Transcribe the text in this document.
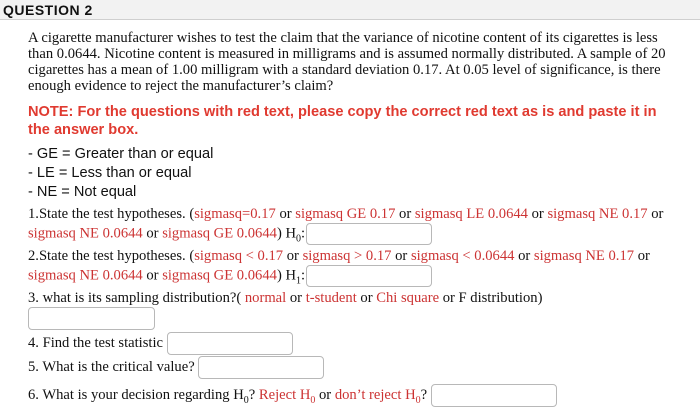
QUESTION 2
A cigarette manufacturer wishes to test the claim that the variance of nicotine content of its cigarettes is less than 0.0644. Nicotine content is measured in milligrams and is assumed normally distributed. A sample of 20 cigarettes has a mean of 1.00 milligram with a standard deviation 0.17. At 0.05 level of significance, is there enough evidence to reject the manufacturer’s claim?
NOTE: For the questions with red text, please copy the correct red text as is and paste it in the answer box.
- GE = Greater than or equal
- LE = Less than or equal
- NE = Not equal
1.State the test hypotheses. (sigmasq=0.17 or sigmasq GE 0.17 or sigmasq LE 0.0644 or sigmasq NE 0.17 or
sigmasq NE 0.0644 or sigmasq GE 0.0644) $H_0$:
2.State the test hypotheses. (sigmasq < 0.17 or sigmasq > 0.17 or sigmasq < 0.0644 or sigmasq NE 0.17 or
sigmasq NE 0.0644 or sigmasq GE 0.0644) $H_1$:
3. what is its sampling distribution?( normal or t-student or Chi square or F distribution)
4. Find the test statistic
5. What is the critical value?
6. What is your decision regarding $H_0$? Reject $H_0$ or don’t reject $H_0$?
